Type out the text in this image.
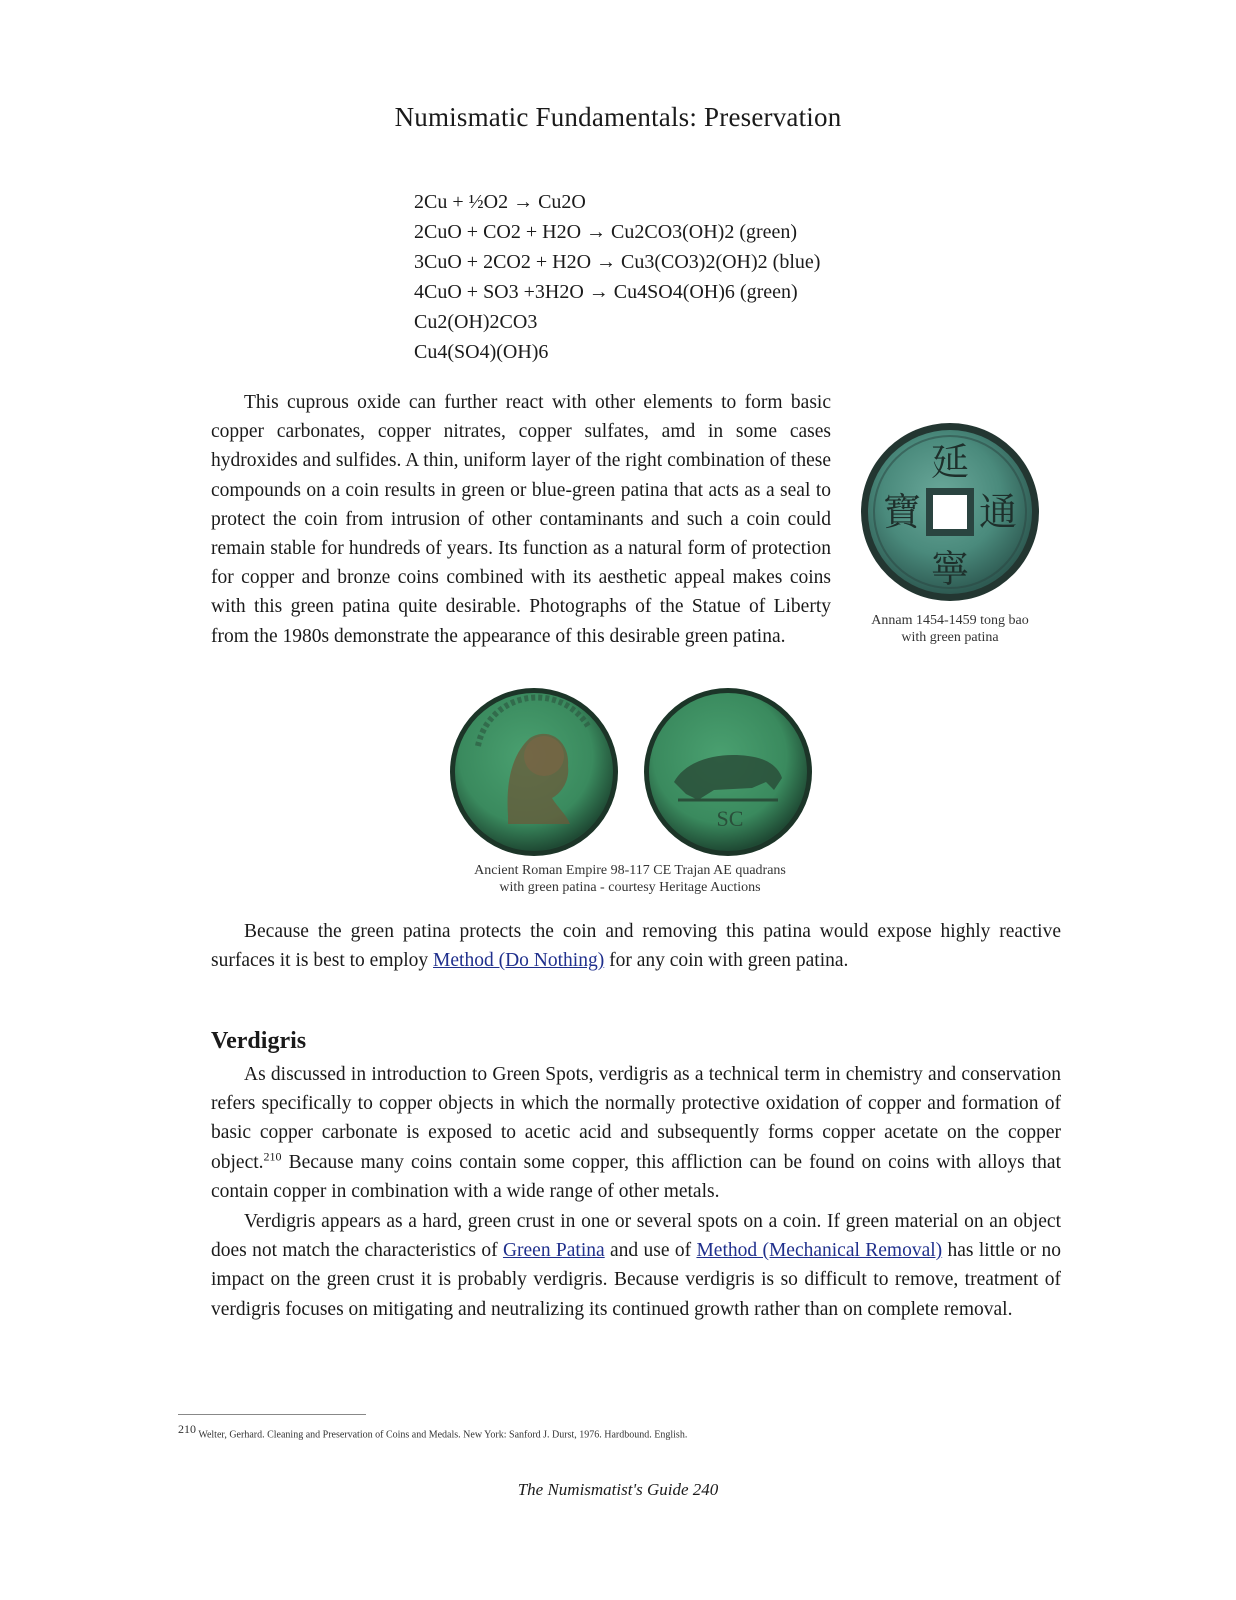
Numismatic Fundamentals: Preservation
2Cu + ½O2 → Cu2O
2CuO + CO2 + H2O → Cu2CO3(OH)2 (green)
3CuO + 2CO2 + H2O → Cu3(CO3)2(OH)2 (blue)
4CuO + SO3 +3H2O → Cu4SO4(OH)6 (green)
Cu2(OH)2CO3
Cu4(SO4)(OH)6

This cuprous oxide can further react with other elements to form basic copper carbonates, copper nitrates, copper sulfates, amd in some cases hydroxides and sulfides. A thin, uniform layer of the right combination of these compounds on a coin results in green or blue-green patina that acts as a seal to protect the coin from intrusion of other contaminants and such a coin could remain stable for hundreds of years. Its function as a natural form of protection for copper and bronze coins combined with its aesthetic appeal makes coins with this green patina quite desirable. Photographs of the Statue of Liberty from the 1980s demonstrate the appearance of this desirable green patina.

延
通
寧
寶
Annam 1454-1459 tong bao
with green patina
SC
Ancient Roman Empire 98-117 CE Trajan AE quadrans
with green patina - courtesy Heritage Auctions

Because the green patina protects the coin and removing this patina would expose highly reactive surfaces it is best to employ Method (Do Nothing) for any coin with green patina.

Verdigris

As discussed in introduction to Green Spots, verdigris as a technical term in chemistry and conservation refers specifically to copper objects in which the normally protective oxidation of copper and formation of basic copper carbonate is exposed to acetic acid and subsequently forms copper acetate on the copper object.$^{210}$ Because many coins contain some copper, this affliction can be found on coins with alloys that contain copper in combination with a wide range of other metals.

Verdigris appears as a hard, green crust in one or several spots on a coin. If green material on an object does not match the characteristics of Green Patina and use of Method (Mechanical Removal) has little or no impact on the green crust it is probably verdigris. Because verdigris is so difficult to remove, treatment of verdigris focuses on mitigating and neutralizing its continued growth rather than on complete removal.

$^{210}$ Welter, Gerhard. Cleaning and Preservation of Coins and Medals. New York: Sanford J. Durst, 1976. Hardbound. English.
The Numismatist's Guide 240
